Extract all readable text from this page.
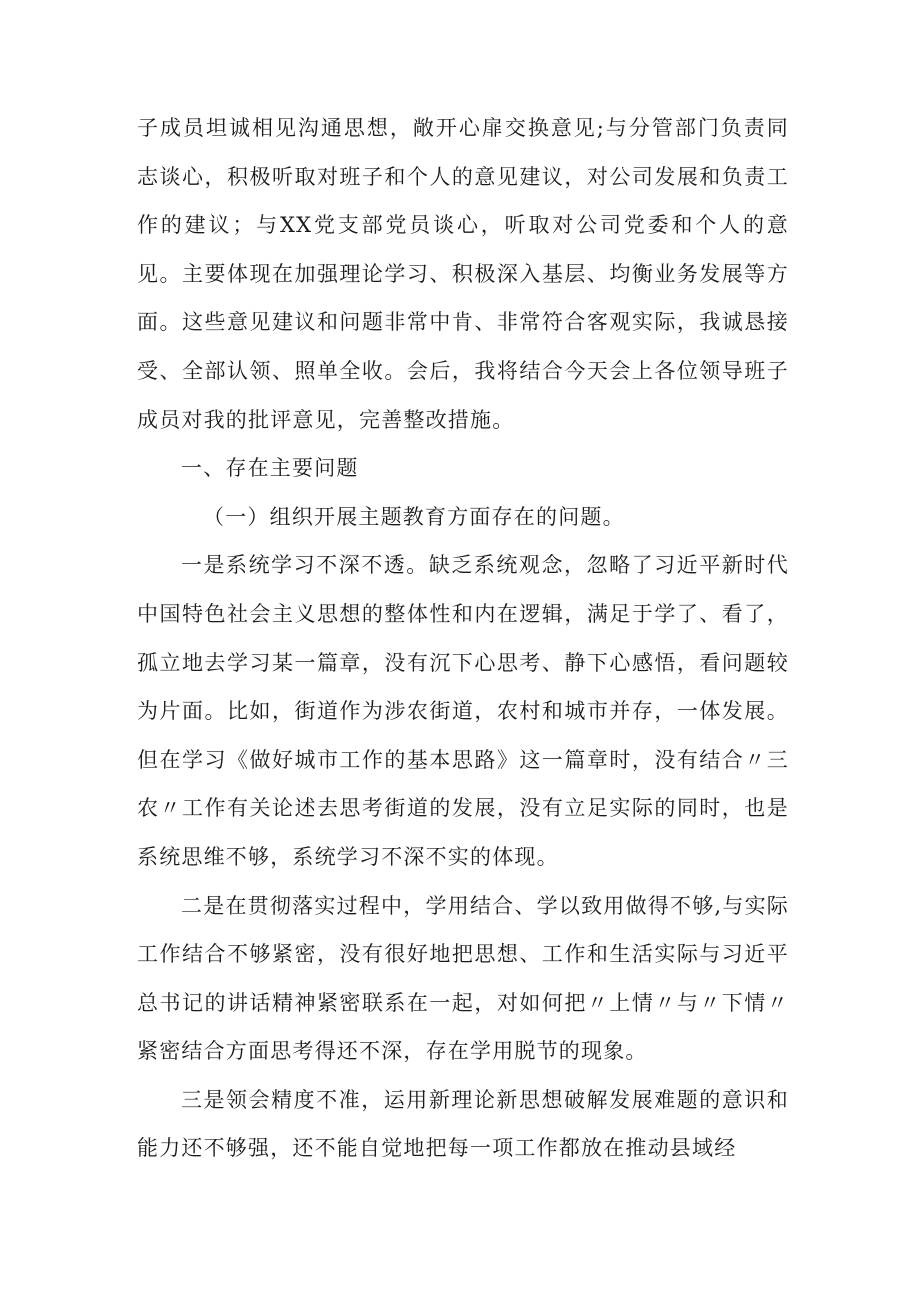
子成员坦诚相见沟通思想，敞开心扉交换意见;与分管部门负责同志谈心，积极听取对班子和个人的意见建议，对公司发展和负责工作的建议；与XX党支部党员谈心，听取对公司党委和个人的意见。主要体现在加强理论学习、积极深入基层、均衡业务发展等方面。这些意见建议和问题非常中肯、非常符合客观实际，我诚恳接受、全部认领、照单全收。会后，我将结合今天会上各位领导班子成员对我的批评意见，完善整改措施。

一、存在主要问题

（一）组织开展主题教育方面存在的问题。

一是系统学习不深不透。缺乏系统观念，忽略了习近平新时代中国特色社会主义思想的整体性和内在逻辑，满足于学了、看了，孤立地去学习某一篇章，没有沉下心思考、静下心感悟，看问题较为片面。比如，街道作为涉农街道，农村和城市并存，一体发展。但在学习《做好城市工作的基本思路》这一篇章时，没有结合〃三农〃工作有关论述去思考街道的发展，没有立足实际的同时，也是系统思维不够，系统学习不深不实的体现。

二是在贯彻落实过程中，学用结合、学以致用做得不够,与实际工作结合不够紧密，没有很好地把思想、工作和生活实际与习近平总书记的讲话精神紧密联系在一起，对如何把〃上情〃与〃下情〃紧密结合方面思考得还不深，存在学用脱节的现象。

三是领会精度不准，运用新理论新思想破解发展难题的意识和能力还不够强，还不能自觉地把每一项工作都放在推动县域经
